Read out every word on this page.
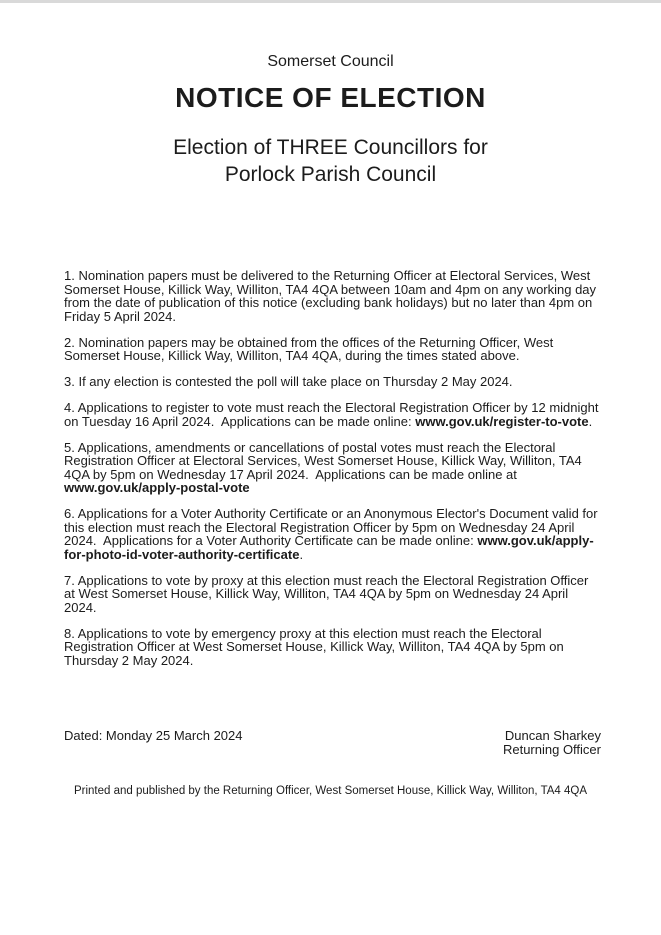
Somerset Council
NOTICE OF ELECTION
Election of THREE Councillors for
Porlock Parish Council

1. Nomination papers must be delivered to the Returning Officer at Electoral Services, West Somerset House, Killick Way, Williton, TA4 4QA between 10am and 4pm on any working day from the date of publication of this notice (excluding bank holidays) but no later than 4pm on Friday 5 April 2024.

2. Nomination papers may be obtained from the offices of the Returning Officer, West Somerset House, Killick Way, Williton, TA4 4QA, during the times stated above.

3. If any election is contested the poll will take place on Thursday 2 May 2024.

4. Applications to register to vote must reach the Electoral Registration Officer by 12 midnight on Tuesday 16 April 2024.  Applications can be made online: www.gov.uk/register-to-vote.

5. Applications, amendments or cancellations of postal votes must reach the Electoral Registration Officer at Electoral Services, West Somerset House, Killick Way, Williton, TA4 4QA by 5pm on Wednesday 17 April 2024.  Applications can be made online at www.gov.uk/apply-postal-vote

6. Applications for a Voter Authority Certificate or an Anonymous Elector's Document valid for this election must reach the Electoral Registration Officer by 5pm on Wednesday 24 April 2024.  Applications for a Voter Authority Certificate can be made online: www.gov.uk/apply-for-photo-id-voter-authority-certificate.

7. Applications to vote by proxy at this election must reach the Electoral Registration Officer at West Somerset House, Killick Way, Williton, TA4 4QA by 5pm on Wednesday 24 April 2024.

8. Applications to vote by emergency proxy at this election must reach the Electoral Registration Officer at West Somerset House, Killick Way, Williton, TA4 4QA by 5pm on Thursday 2 May 2024.

Dated: Monday 25 March 2024	Duncan Sharkey
Returning Officer
Printed and published by the Returning Officer, West Somerset House, Killick Way, Williton, TA4 4QA
